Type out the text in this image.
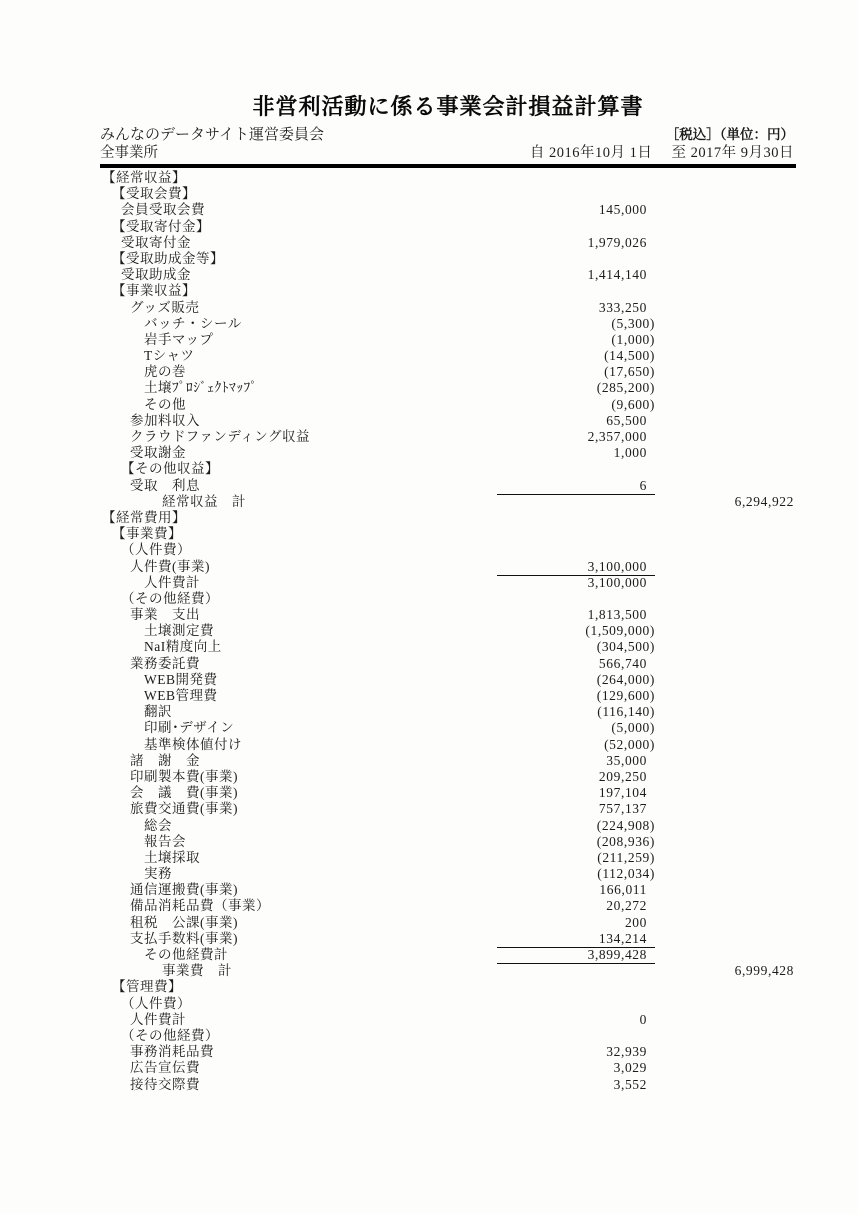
非営利活動に係る事業会計損益計算書
みんなのデータサイト運営委員会	［税込］（単位：円）
全事業所	自 2016年10月 1日　 至 2017年 9月30日
【経常収益】
【受取会費】
会員受取会費	145,000
【受取寄付金】
受取寄付金	1,979,026
【受取助成金等】
受取助成金	1,414,140
【事業収益】
グッズ販売	333,250
バッチ・シール	(5,300)
岩手マップ	(1,000)
Tシャツ	(14,500)
虎の巻	(17,650)
土壌ﾌﾟﾛｼﾞｪｸﾄﾏｯﾌﾟ	(285,200)
その他	(9,600)
参加料収入	65,500
クラウドファンディング収益	2,357,000
受取謝金	1,000
【その他収益】
受取　利息	6
経常収益　計	6,294,922
【経常費用】
【事業費】
（人件費）
人件費(事業)	3,100,000
人件費計	3,100,000
（その他経費）
事業　支出	1,813,500
土壌測定費	(1,509,000)
NaI精度向上	(304,500)
業務委託費	566,740
WEB開発費	(264,000)
WEB管理費	(129,600)
翻訳	(116,140)
印刷･デザイン	(5,000)
基準検体値付け	(52,000)
諸　謝　金	35,000
印刷製本費(事業)	209,250
会　議　費(事業)	197,104
旅費交通費(事業)	757,137
総会	(224,908)
報告会	(208,936)
土壌採取	(211,259)
実務	(112,034)
通信運搬費(事業)	166,011
備品消耗品費（事業）	20,272
租税　公課(事業)	200
支払手数料(事業)	134,214
その他経費計	3,899,428
事業費　計	6,999,428
【管理費】
（人件費）
人件費計	0
（その他経費）
事務消耗品費	32,939
広告宣伝費	3,029
接待交際費	3,552
